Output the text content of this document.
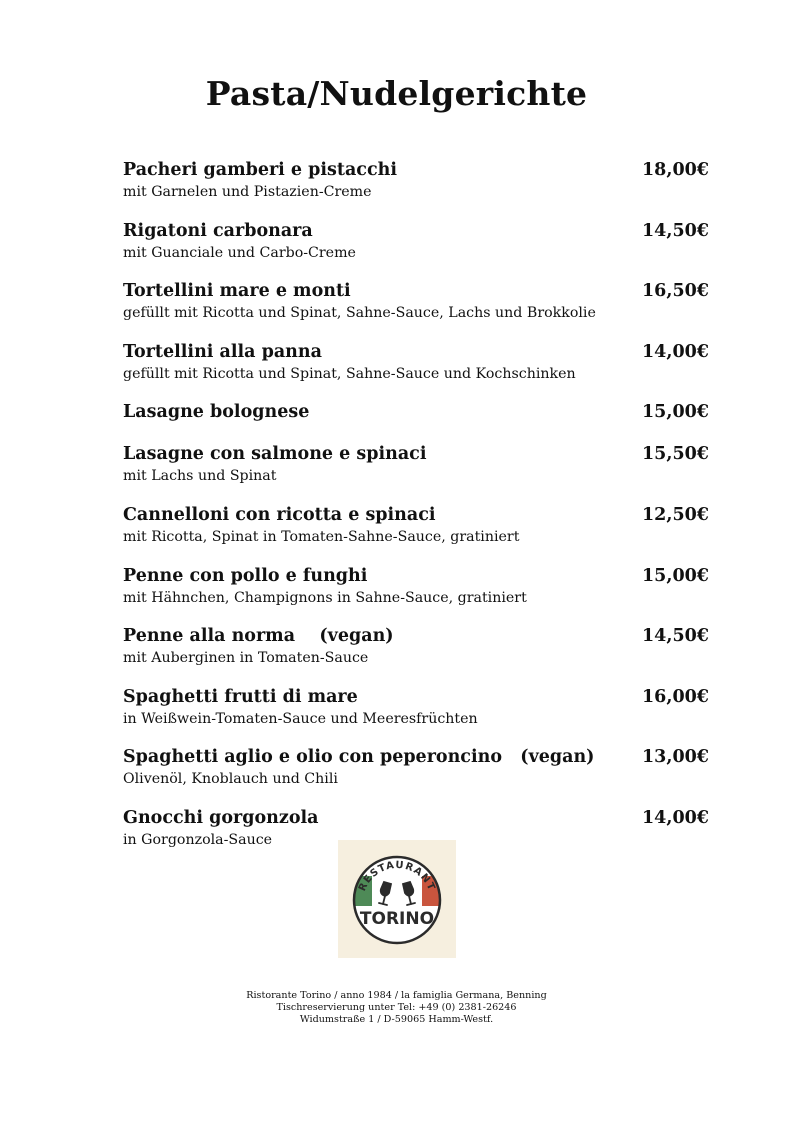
Pasta/Nudelgerichte
Pacheri gamberi e pistacchi	18,00€
mit Garnelen und Pistazien-Creme
Rigatoni carbonara	14,50€
mit Guanciale und Carbo-Creme
Tortellini mare e monti	16,50€
gefüllt mit Ricotta und Spinat, Sahne-Sauce, Lachs und Brokkolie
Tortellini alla panna	14,00€
gefüllt mit Ricotta und Spinat, Sahne-Sauce und Kochschinken
Lasagne bolognese	15,00€
Lasagne con salmone e spinaci	15,50€
mit Lachs und Spinat
Cannelloni con ricotta e spinaci	12,50€
mit Ricotta, Spinat in Tomaten-Sahne-Sauce, gratiniert
Penne con pollo e funghi	15,00€
mit Hähnchen, Champignons in Sahne-Sauce, gratiniert
Penne alla norma    (vegan)	14,50€
mit Auberginen in Tomaten-Sauce
Spaghetti frutti di mare	16,00€
in Weißwein-Tomaten-Sauce und Meeresfrüchten
Spaghetti aglio e olio con peperoncino   (vegan)	13,00€
Olivenöl, Knoblauch und Chili
Gnocchi gorgonzola	14,00€
in Gorgonzola-Sauce
RESTAURANT
TORINO
Ristorante Torino / anno 1984 / la famiglia Germana, Benning
Tischreservierung unter Tel: +49 (0) 2381-26246
Widumstraße 1 / D-59065 Hamm-Westf.
